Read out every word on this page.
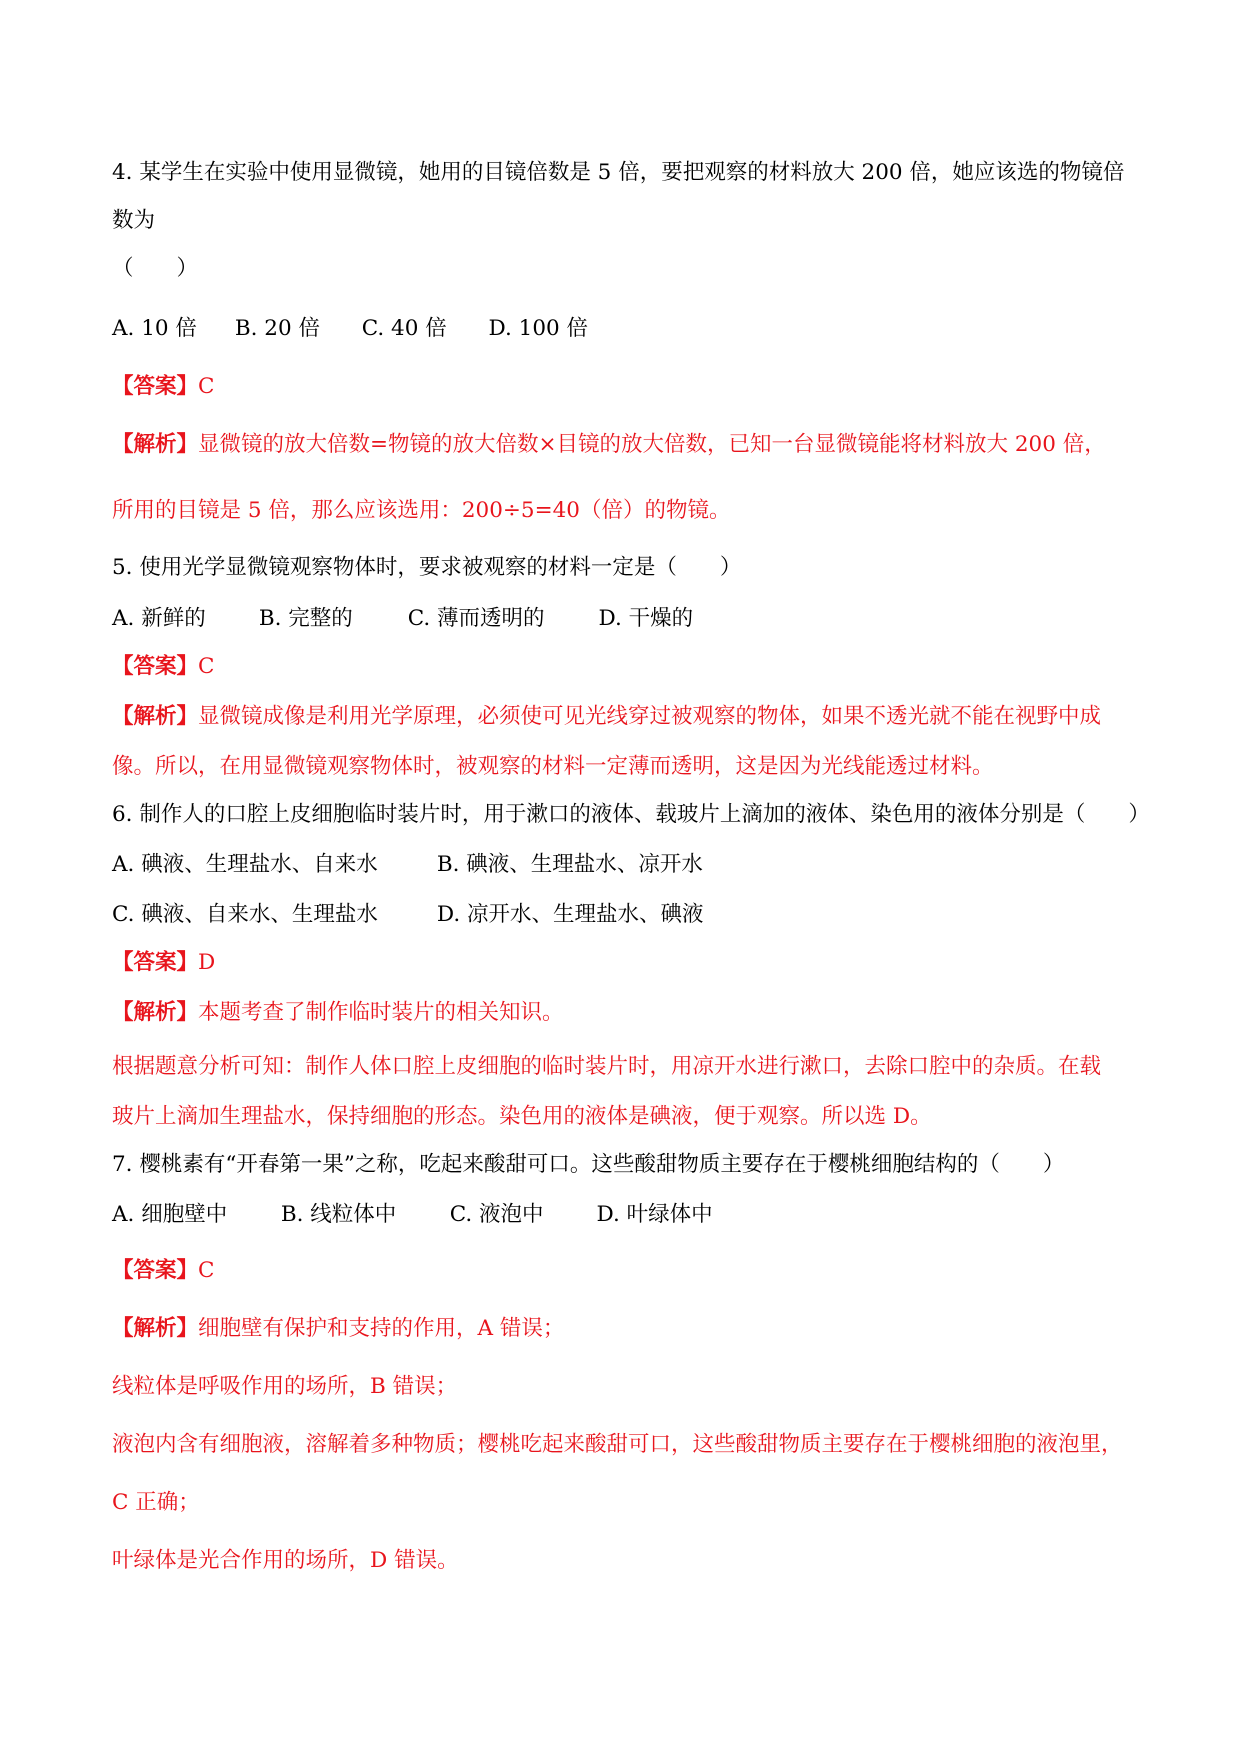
4. 某学生在实验中使用显微镜，她用的目镜倍数是 5 倍，要把观察的材料放大 200 倍，她应该选的物镜倍
数为
（　　）
A. 10 倍 B. 20 倍 C. 40 倍 D. 100 倍
【答案】C
【解析】显微镜的放大倍数=物镜的放大倍数×目镜的放大倍数，已知一台显微镜能将材料放大 200 倍，
所用的目镜是 5 倍，那么应该选用：200÷5=40（倍）的物镜。
5. 使用光学显微镜观察物体时，要求被观察的材料一定是（　　）
A. 新鲜的 B. 完整的	C. 薄而透明的	D. 干燥的
【答案】C
【解析】显微镜成像是利用光学原理，必须使可见光线穿过被观察的物体，如果不透光就不能在视野中成
像。所以，在用显微镜观察物体时，被观察的材料一定薄而透明，这是因为光线能透过材料。
6. 制作人的口腔上皮细胞临时装片时，用于漱口的液体、载玻片上滴加的液体、染色用的液体分别是（　　）
A. 碘液、生理盐水、自来水	B. 碘液、生理盐水、凉开水
C. 碘液、自来水、生理盐水	D. 凉开水、生理盐水、碘液
【答案】D
【解析】本题考查了制作临时装片的相关知识。
根据题意分析可知：制作人体口腔上皮细胞的临时装片时，用凉开水进行漱口，去除口腔中的杂质。在载
玻片上滴加生理盐水，保持细胞的形态。染色用的液体是碘液，便于观察。所以选 D。
7. 樱桃素有“开春第一果”之称，吃起来酸甜可口。这些酸甜物质主要存在于樱桃细胞结构的（　　）
A. 细胞壁中 B. 线粒体中 C. 液泡中 D. 叶绿体中
【答案】C
【解析】细胞壁有保护和支持的作用，A 错误；
线粒体是呼吸作用的场所，B 错误；
液泡内含有细胞液，溶解着多种物质；樱桃吃起来酸甜可口，这些酸甜物质主要存在于樱桃细胞的液泡里，
C 正确；
叶绿体是光合作用的场所，D 错误。
